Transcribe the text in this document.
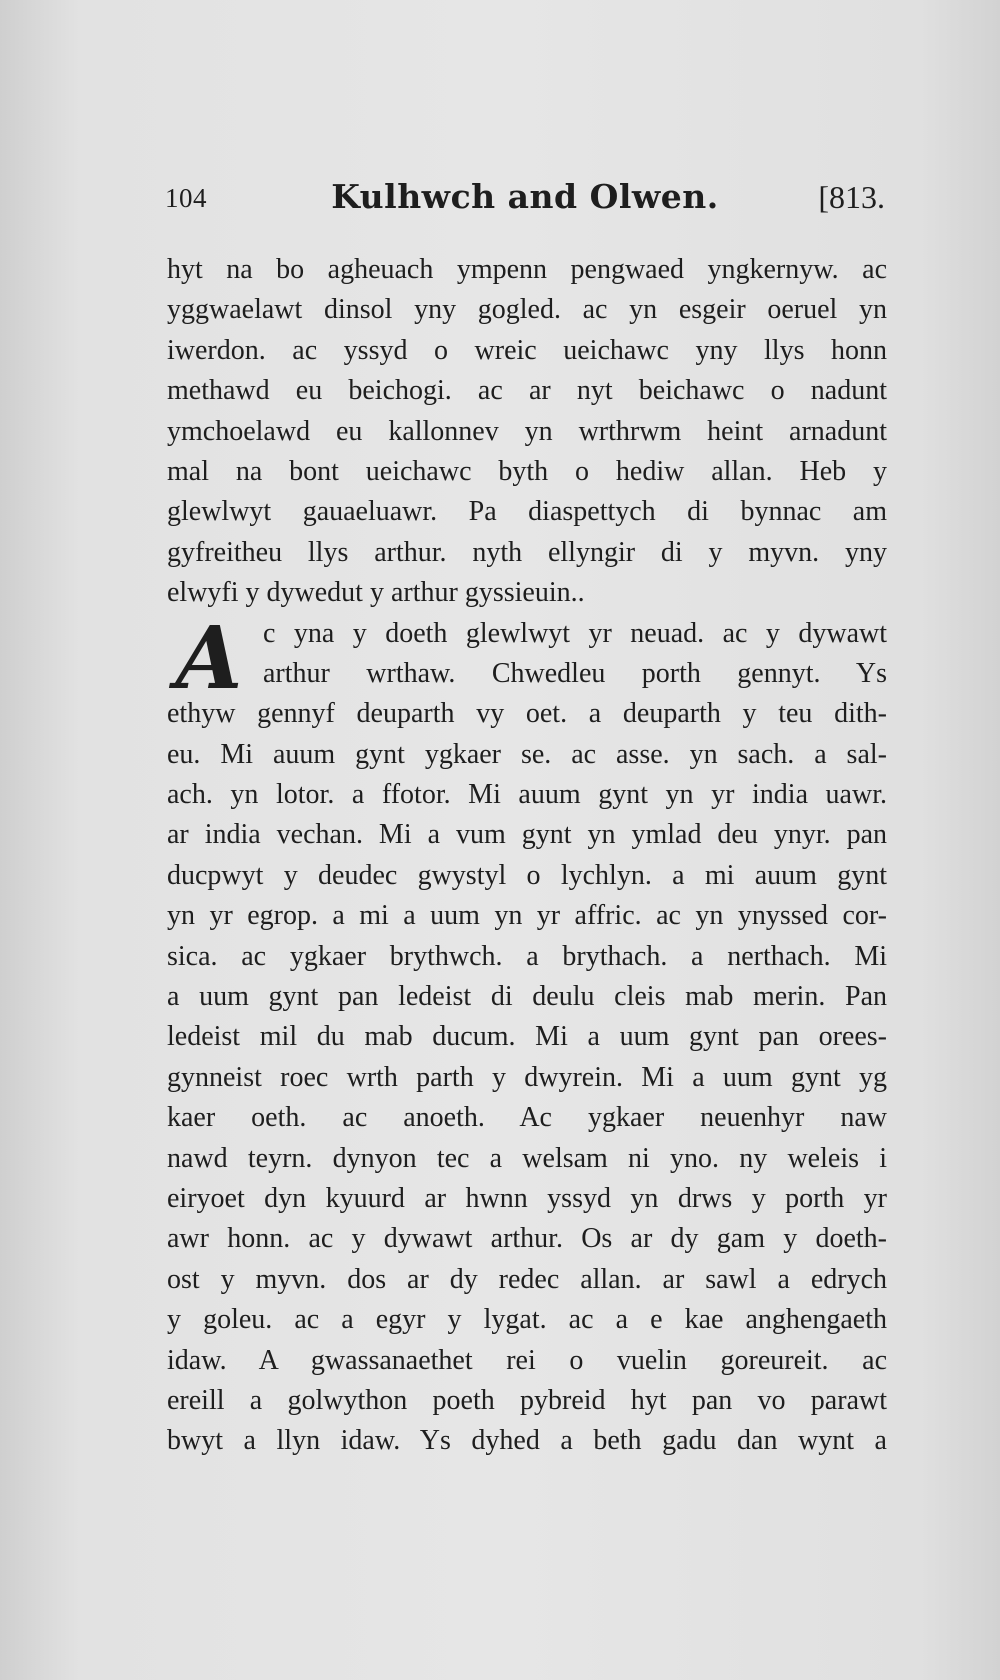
104	Kulhwch and Olwen.	[813.
A
hyt na bo agheuach ympenn pengwaed yngkernyw. ac
yggwaelawt dinsol yny gogled. ac yn esgeir oeruel yn
iwerdon. ac yssyd o wreic ueichawc yny llys honn
methawd eu beichogi. ac ar nyt beichawc o nadunt
ymchoelawd eu kallonnev yn wrthrwm heint arnadunt
mal na bont ueichawc byth o hediw allan. Heb y
glewlwyt gauaeluawr. Pa diaspettych di bynnac am
gyfreitheu llys arthur. nyth ellyngir di y myvn. yny
elwyfi y dywedut y arthur gyssieuin..
c yna y doeth glewlwyt yr neuad. ac y dywawt
arthur wrthaw. Chwedleu porth gennyt. Ys
ethyw gennyf deuparth vy oet. a deuparth y teu dith-
eu. Mi auum gynt ygkaer se. ac asse. yn sach. a sal-
ach. yn lotor. a ffotor. Mi auum gynt yn yr india uawr.
ar india vechan. Mi a vum gynt yn ymlad deu ynyr. pan
ducpwyt y deudec gwystyl o lychlyn. a mi auum gynt
yn yr egrop. a mi a uum yn yr affric. ac yn ynyssed cor-
sica. ac ygkaer brythwch. a brythach. a nerthach. Mi
a uum gynt pan ledeist di deulu cleis mab merin. Pan
ledeist mil du mab ducum. Mi a uum gynt pan orees-
gynneist roec wrth parth y dwyrein. Mi a uum gynt yg
kaer oeth. ac anoeth. Ac ygkaer neuenhyr naw
nawd teyrn. dynyon tec a welsam ni yno. ny weleis i
eiryoet dyn kyuurd ar hwnn yssyd yn drws y porth yr
awr honn. ac y dywawt arthur. Os ar dy gam y doeth-
ost y myvn. dos ar dy redec allan. ar sawl a edrych
y goleu. ac a egyr y lygat. ac a e kae anghengaeth
idaw. A gwassanaethet rei o vuelin goreureit. ac
ereill a golwython poeth pybreid hyt pan vo parawt
bwyt a llyn idaw. Ys dyhed a beth gadu dan wynt a
